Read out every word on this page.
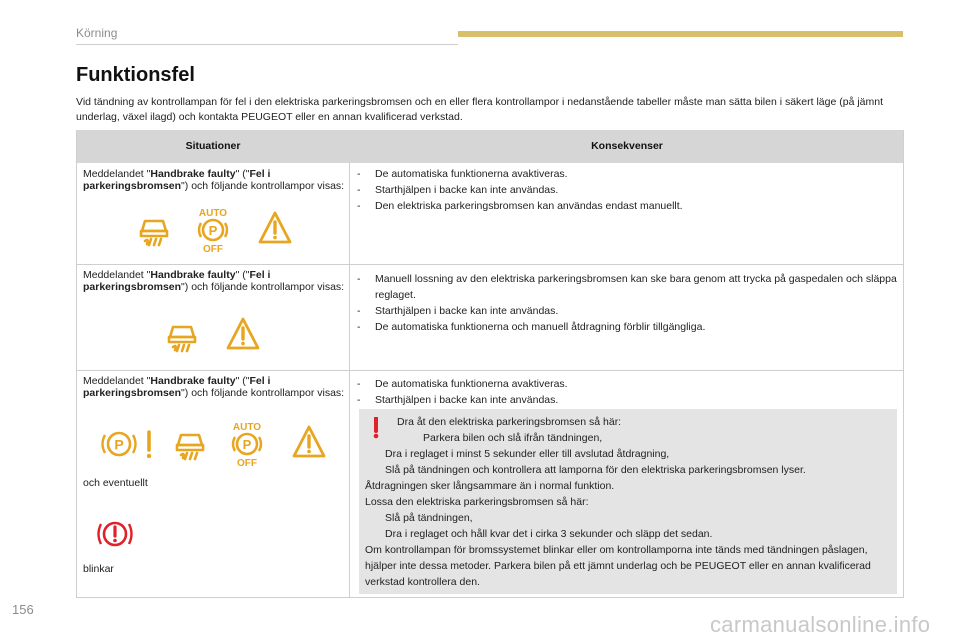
Körning
Funktionsfel

Vid tändning av kontrollampan för fel i den elektriska parkeringsbromsen och en eller flera kontrollampor i nedanstående tabeller måste man sätta bilen i säkert läge (på jämnt underlag, växel ilagd) och kontakta PEUGEOT eller en annan kvalificerad verkstad.

Situationer	Konsekvenser
Meddelandet "Handbrake faulty" ("Fel i parkeringsbromsen") och följande kontrollampor visas:
AUTO
P
OFF
- De automatiska funktionerna avaktiveras.
- Starthjälpen i backe kan inte användas.
- Den elektriska parkeringsbromsen kan användas endast manuellt.
Meddelandet "Handbrake faulty" ("Fel i parkeringsbromsen") och följande kontrollampor visas:
- Manuell lossning av den elektriska parkeringsbromsen kan ske bara genom att trycka på gaspedalen och släppa reglaget.
- Starthjälpen i backe kan inte användas.
- De automatiska funktionerna och manuell åtdragning förblir tillgängliga.
Meddelandet "Handbrake faulty" ("Fel i parkeringsbromsen") och följande kontrollampor visas:
P
AUTO
P
OFF
och eventuellt
blinkar
- De automatiska funktionerna avaktiveras.
- Starthjälpen i backe kan inte användas.

Dra åt den elektriska parkeringsbromsen så här:

Parkera bilen och slå ifrån tändningen,

Dra i reglaget i minst 5 sekunder eller till avslutad åtdragning,

Slå på tändningen och kontrollera att lamporna för den elektriska parkeringsbromsen lyser.

Åtdragningen sker långsammare än i normal funktion.

Lossa den elektriska parkeringsbromsen så här:

Slå på tändningen,

Dra i reglaget och håll kvar det i cirka 3 sekunder och släpp det sedan.

Om kontrollampan för bromssystemet blinkar eller om kontrollamporna inte tänds med tändningen påslagen, hjälper inte dessa metoder. Parkera bilen på ett jämnt underlag och be PEUGEOT eller en annan kvalificerad verkstad kontrollera den.

156
carmanualsonline.info
